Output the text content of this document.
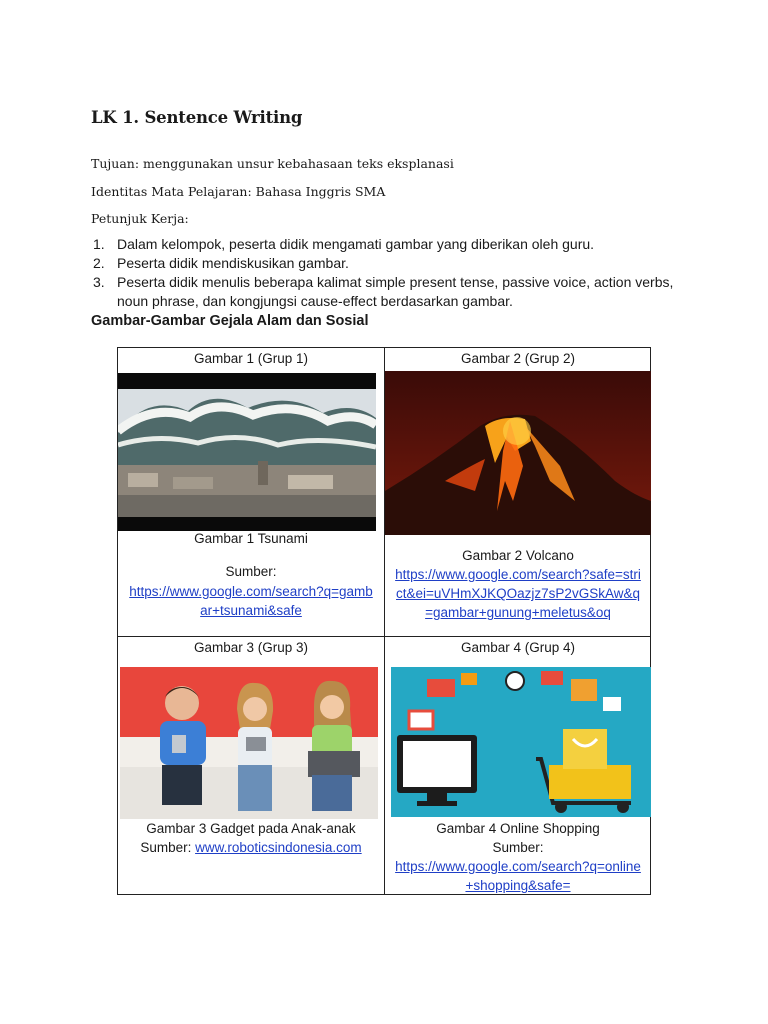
LK 1. Sentence Writing
Tujuan: menggunakan unsur kebahasaan teks eksplanasi
Identitas Mata Pelajaran: Bahasa Inggris SMA
Petunjuk Kerja:
1. Dalam kelompok, peserta didik mengamati gambar yang diberikan oleh guru.
2. Peserta didik mendiskusikan gambar.
3. Peserta didik menulis beberapa kalimat simple present tense, passive voice, action verbs, noun phrase, dan kongjungsi cause-effect berdasarkan gambar.
Gambar-Gambar Gejala Alam dan Sosial
Gambar 1 (Grup 1)
Gambar 1 Tsunami
Sumber:
https://www.google.com/search?q=gamb
ar+tsunami&safe
Gambar 2 (Grup 2)
Gambar 2 Volcano
https://www.google.com/search?safe=stri
ct&ei=uVHmXJKQOazjz7sP2vGSkAw&q
=gambar+gunung+meletus&oq
Gambar 3 (Grup 3)
Gambar 3 Gadget pada Anak-anak
Sumber: www.roboticsindonesia.com
Gambar 4 (Grup 4)
Gambar 4 Online Shopping
Sumber:
https://www.google.com/search?q=online
+shopping&safe=
